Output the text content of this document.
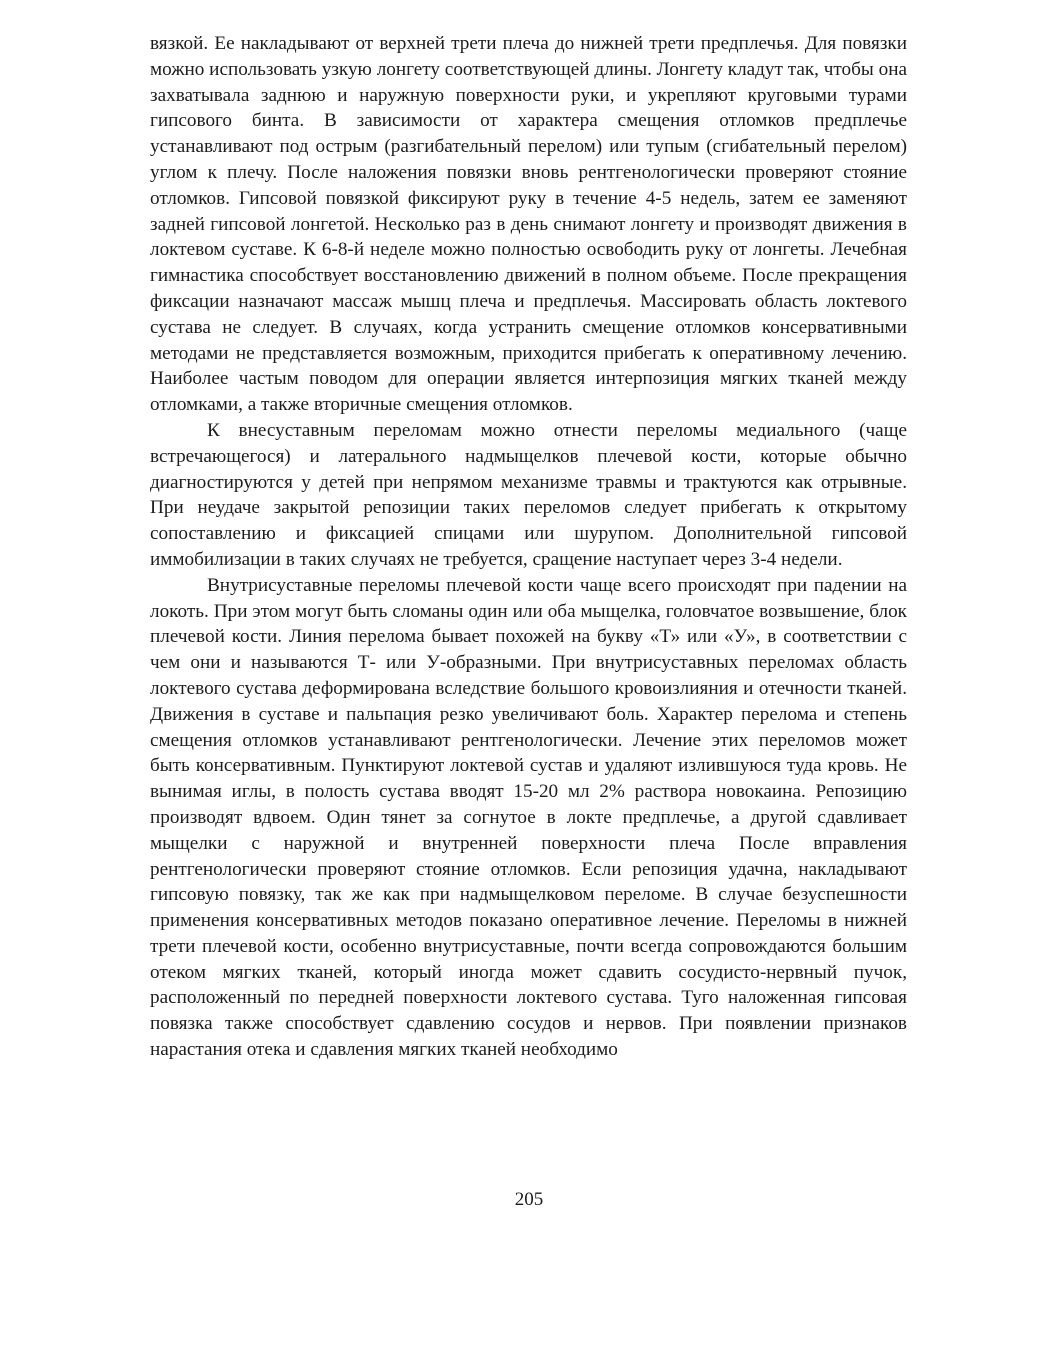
вязкой. Ее накладывают от верхней трети плеча до нижней трети предплечья. Для повязки можно использовать узкую лонгету соответствующей длины. Лонгету кладут так, чтобы она захватывала заднюю и наружную поверхности руки, и укрепляют круговыми турами гипсового бинта. В зависимости от характера смещения отломков предплечье устанавливают под острым (разгибательный перелом) или тупым (сгибательный перелом) углом к плечу. После наложения повязки вновь рентгенологически проверяют стояние отломков. Гипсовой повязкой фиксируют руку в течение 4-5 недель, затем ее заменяют задней гипсовой лонгетой. Несколько раз в день снимают лонгету и производят движения в локтевом суставе. К 6-8-й неделе можно полностью освободить руку от лонгеты. Лечебная гимнастика способствует восстановлению движений в полном объеме. После прекращения фиксации назначают массаж мышц плеча и предплечья. Массировать область локтевого сустава не следует. В случаях, когда устранить смещение отломков консервативными методами не представляется возможным, приходится прибегать к оперативному лечению. Наиболее частым поводом для операции является интерпозиция мягких тканей между отломками, а также вторичные смещения отломков.

К внесуставным переломам можно отнести переломы медиального (чаще встречающегося) и латерального надмыщелков плечевой кости, которые обычно диагностируются у детей при непрямом механизме травмы и трактуются как отрывные. При неудаче закрытой репозиции таких переломов следует прибегать к открытому сопоставлению и фиксацией спицами или шурупом. Дополнительной гипсовой иммобилизации в таких случаях не требуется, сращение наступает через 3-4 недели.

Внутрисуставные переломы плечевой кости чаще всего происходят при падении на локоть. При этом могут быть сломаны один или оба мыщелка, головчатое возвышение, блок плечевой кости. Линия перелома бывает похожей на букву «Т» или «У», в соответствии с чем они и называются Т- или У-образными. При внутрисуставных переломах область локтевого сустава деформирована вследствие большого кровоизлияния и отечности тканей. Движения в суставе и пальпация резко увеличивают боль. Характер перелома и степень смещения отломков устанавливают рентгенологически. Лечение этих переломов может быть консервативным. Пунктируют локтевой сустав и удаляют излившуюся туда кровь. Не вынимая иглы, в полость сустава вводят 15-20 мл 2% раствора новокаина. Репозицию производят вдвоем. Один тянет за согнутое в локте предплечье, а другой сдавливает мыщелки с наружной и внутренней поверхности плеча После вправления рентгенологически проверяют стояние отломков. Если репозиция удачна, накладывают гипсовую повязку, так же как при надмыщелковом переломе. В случае безуспешности применения консервативных методов показано оперативное лечение. Переломы в нижней трети плечевой кости, особенно внутрисуставные, почти всегда сопровождаются большим отеком мягких тканей, который иногда может сдавить сосудисто-нервный пучок, расположенный по передней поверхности локтевого сустава. Туго наложенная гипсовая повязка также способствует сдавлению сосудов и нервов. При появлении признаков нарастания отека и сдавления мягких тканей необходимо

205
